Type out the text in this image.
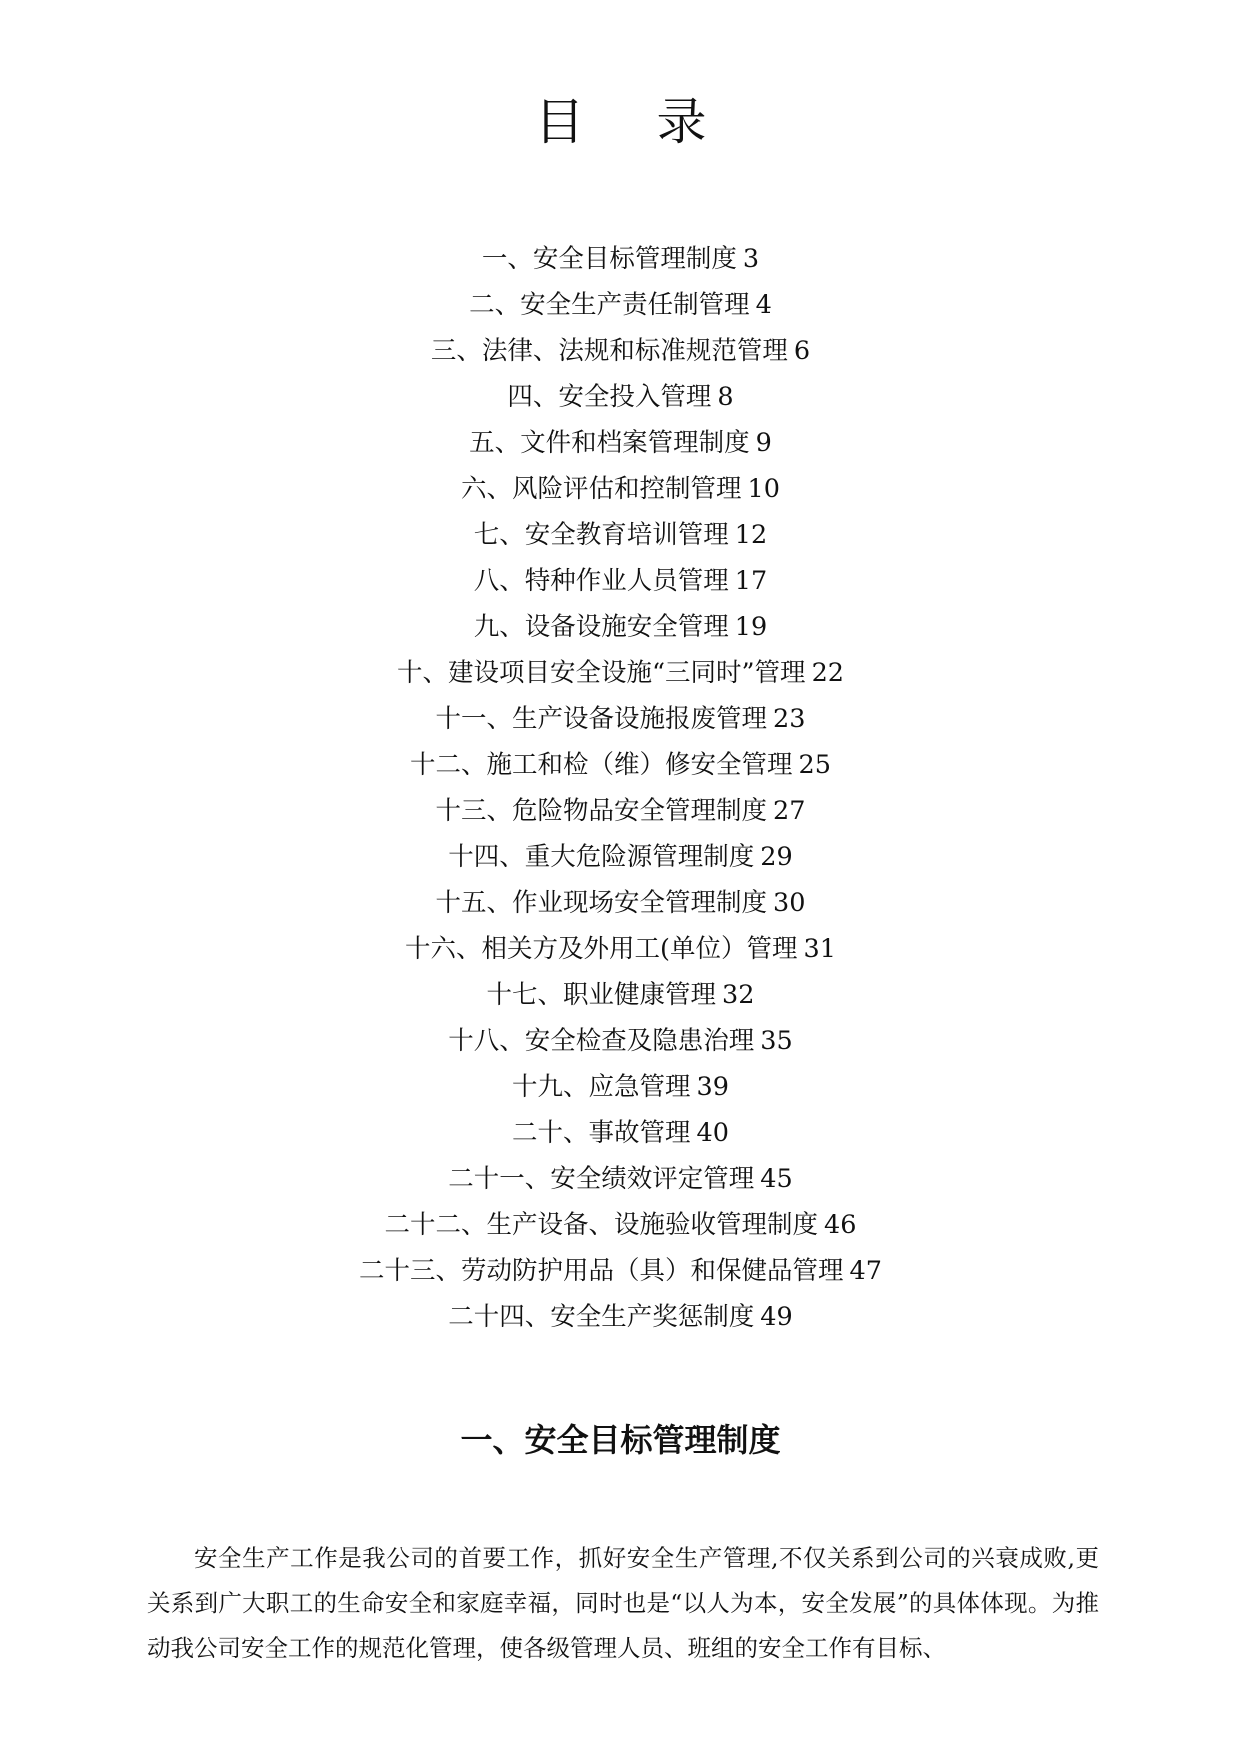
目录
一、安全目标管理制度 3
二、安全生产责任制管理 4
三、法律、法规和标准规范管理 6
四、安全投入管理 8
五、文件和档案管理制度 9
六、风险评估和控制管理 10
七、安全教育培训管理 12
八、特种作业人员管理 17
九、设备设施安全管理 19
十、建设项目安全设施“三同时”管理 22
十一、生产设备设施报废管理 23
十二、施工和检（维）修安全管理 25
十三、危险物品安全管理制度 27
十四、重大危险源管理制度 29
十五、作业现场安全管理制度 30
十六、相关方及外用工(单位）管理 31
十七、职业健康管理 32
十八、安全检查及隐患治理 35
十九、应急管理 39
二十、事故管理 40
二十一、安全绩效评定管理 45
二十二、生产设备、设施验收管理制度 46
二十三、劳动防护用品（具）和保健品管理 47
二十四、安全生产奖惩制度 49
一、安全目标管理制度

安全生产工作是我公司的首要工作，抓好安全生产管理,不仅关系到公司的兴衰成败,更关系到广大职工的生命安全和家庭幸福，同时也是“以人为本，安全发展”的具体体现。为推动我公司安全工作的规范化管理，使各级管理人员、班组的安全工作有目标、
